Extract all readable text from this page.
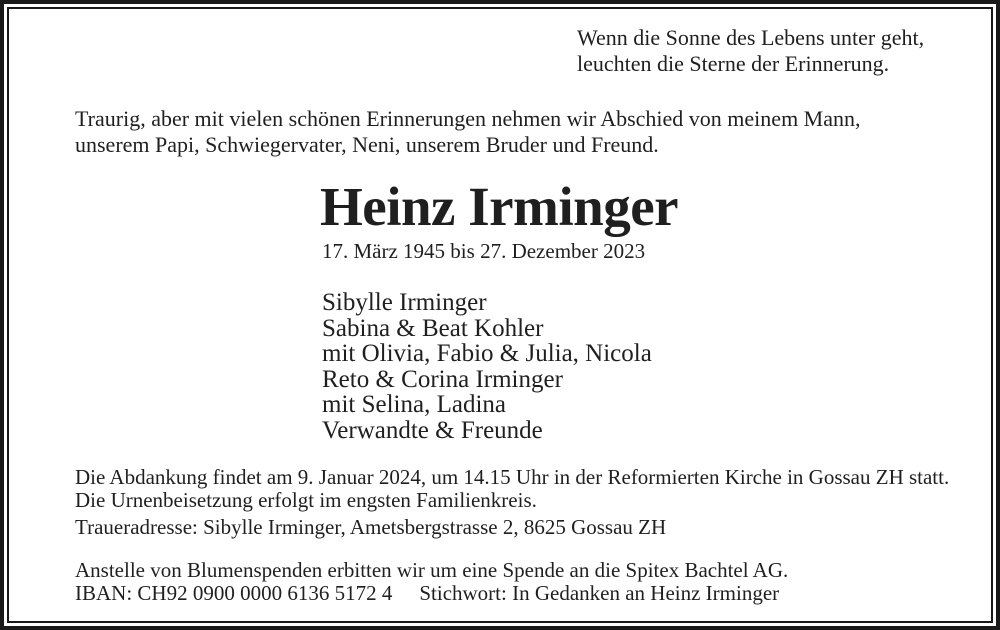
Wenn die Sonne des Lebens unter geht,
leuchten die Sterne der Erinnerung.
Traurig, aber mit vielen schönen Erinnerungen nehmen wir Abschied von meinem Mann,
unserem Papi, Schwiegervater, Neni, unserem Bruder und Freund.
Heinz Irminger
17. März 1945 bis 27. Dezember 2023
Sibylle Irminger
Sabina & Beat Kohler
mit Olivia, Fabio & Julia, Nicola
Reto & Corina Irminger
mit Selina, Ladina
Verwandte & Freunde
Die Abdankung findet am 9. Januar 2024, um 14.15 Uhr in der Reformierten Kirche in Gossau ZH statt.
Die Urnenbeisetzung erfolgt im engsten Familienkreis.
Traueradresse: Sibylle Irminger, Ametsbergstrasse 2, 8625 Gossau ZH
Anstelle von Blumenspenden erbitten wir um eine Spende an die Spitex Bachtel AG.
IBAN: CH92 0900 0000 6136 5172 4 Stichwort: In Gedanken an Heinz Irminger
